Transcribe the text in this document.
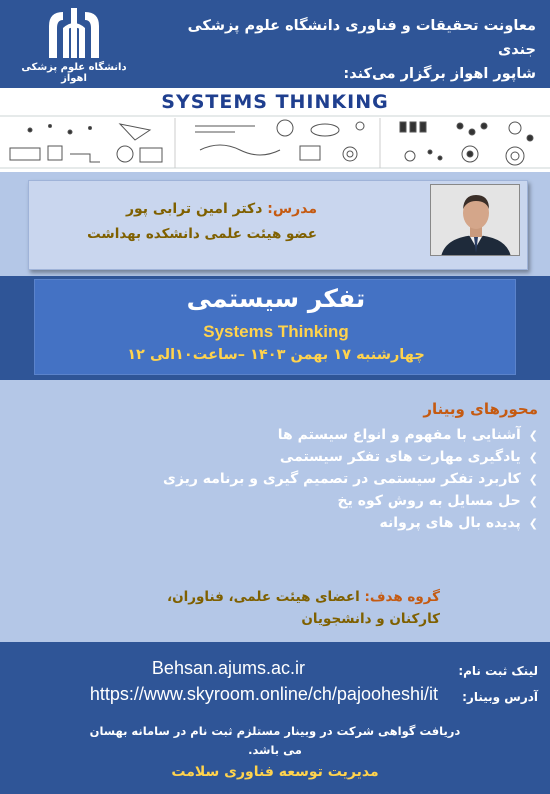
دانشگاه علوم پزشکی اهواز
معاونت تحقیقات و فناوری دانشگاه علوم پزشکی جندی
شاپور اهواز برگزار می‌کند:
SYSTEMS THINKING
مدرس: دکتر امین ترابی پور
عضو هیئت علمی دانشکده بهداشت
تفکر سیستمی
Systems Thinking
چهارشنبه ۱۷ بهمن ۱۴۰۳ –ساعت۱۰الی ۱۲
محورهای وبینار
❯آشنایی با مفهوم و انواع سیستم ها
❯یادگیری مهارت های تفکر سیستمی
❯کاربرد تفکر سیستمی در تصمیم گیری و برنامه ریزی
❯حل مسایل به روش کوه یخ
❯پدیده بال های پروانه
گروه هدف: اعضای هیئت علمی، فناوران،
کارکنان و دانشجویان
لینک ثبت نام:
Behsan.ajums.ac.ir
آدرس وبینار:
https://www.skyroom.online/ch/pajooheshi/it
دریافت گواهی شرکت در وبینار مستلزم ثبت نام در سامانه بهسان
می باشد.
مدیریت توسعه فناوری سلامت
